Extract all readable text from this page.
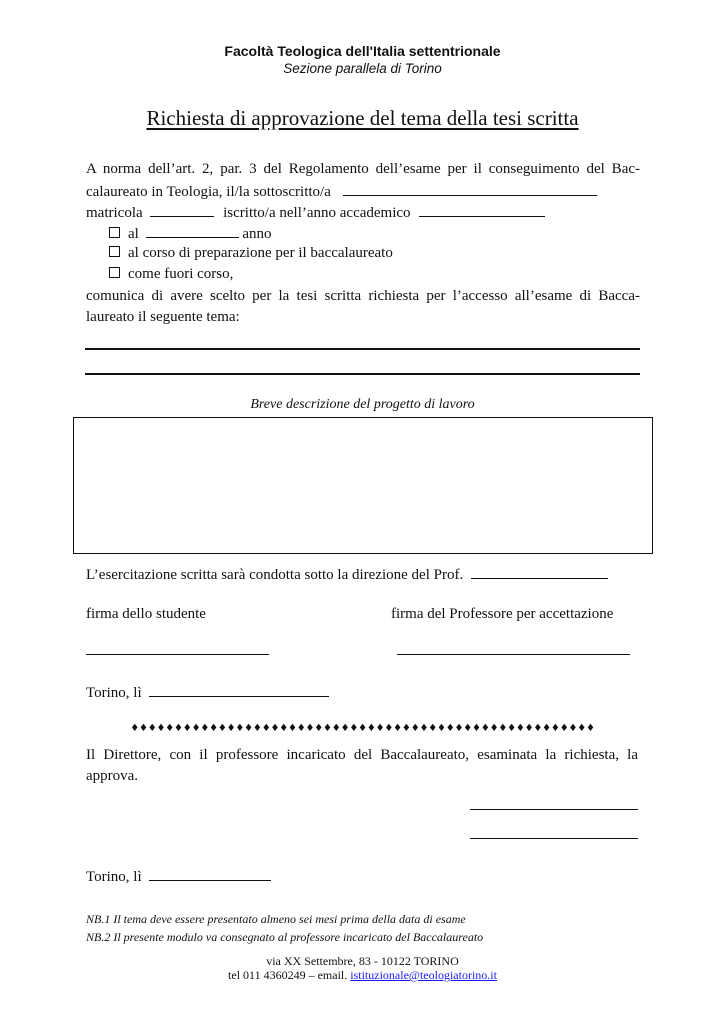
Facoltà Teologica dell'Italia settentrionale
Sezione parallela di Torino
Richiesta di approvazione del tema della tesi scritta
A norma dell’art. 2, par. 3 del Regolamento dell’esame per il conseguimento del Bac-
calaureato in Teologia, il/la sottoscritto/a
matricola	iscritto/a nell’anno accademico
al	anno
al corso di preparazione per il baccalaureato
come fuori corso,
comunica di avere scelto per la tesi scritta richiesta per l’accesso all’esame di Bacca-
laureato il seguente tema:
Breve descrizione del progetto di lavoro
L’esercitazione scritta sarà condotta sotto la direzione del Prof.
firma dello studente	firma del Professore per accettazione
Torino, lì
♦♦♦♦♦♦♦♦♦♦♦♦♦♦♦♦♦♦♦♦♦♦♦♦♦♦♦♦♦♦♦♦♦♦♦♦♦♦♦♦♦♦♦♦♦♦♦♦♦♦♦♦♦
Il Direttore, con il professore incaricato del Baccalaureato, esaminata la richiesta, la
approva.
Torino, lì
NB.1 Il tema deve essere presentato almeno sei mesi prima della data di esame
NB.2 Il presente modulo va consegnato al professore incaricato del Baccalaureato
via XX Settembre, 83 - 10122 TORINO
tel 011 4360249 – email. istituzionale@teologiatorino.it
